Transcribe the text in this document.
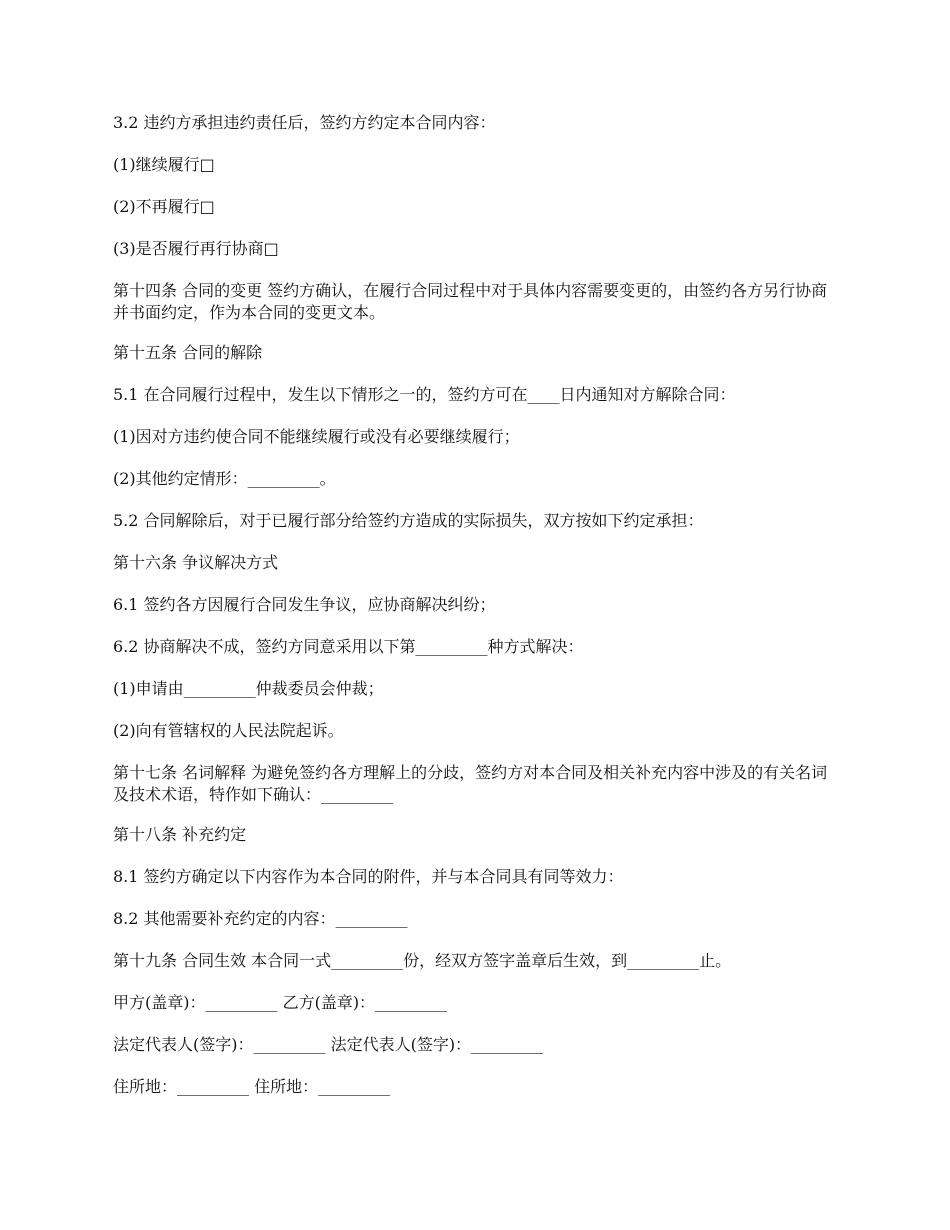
3.2 违约方承担违约责任后，签约方约定本合同内容：

(1)继续履行□

(2)不再履行□

(3)是否履行再行协商□

第十四条 合同的变更 签约方确认，在履行合同过程中对于具体内容需要变更的，由签约各方另行协商并书面约定，作为本合同的变更文本。

第十五条 合同的解除

5.1 在合同履行过程中，发生以下情形之一的，签约方可在____日内通知对方解除合同：

(1)因对方违约使合同不能继续履行或没有必要继续履行；

(2)其他约定情形：_________。

5.2 合同解除后，对于已履行部分给签约方造成的实际损失，双方按如下约定承担：

第十六条 争议解决方式

6.1 签约各方因履行合同发生争议，应协商解决纠纷；

6.2 协商解决不成，签约方同意采用以下第_________种方式解决：

(1)申请由_________仲裁委员会仲裁；

(2)向有管辖权的人民法院起诉。

第十七条 名词解释 为避免签约各方理解上的分歧，签约方对本合同及相关补充内容中涉及的有关名词及技术术语，特作如下确认：_________

第十八条 补充约定

8.1 签约方确定以下内容作为本合同的附件，并与本合同具有同等效力：

8.2 其他需要补充约定的内容：_________

第十九条 合同生效 本合同一式_________份，经双方签字盖章后生效，到_________止。

甲方(盖章)：_________ 乙方(盖章)：_________

法定代表人(签字)：_________ 法定代表人(签字)：_________

住所地：_________ 住所地：_________
